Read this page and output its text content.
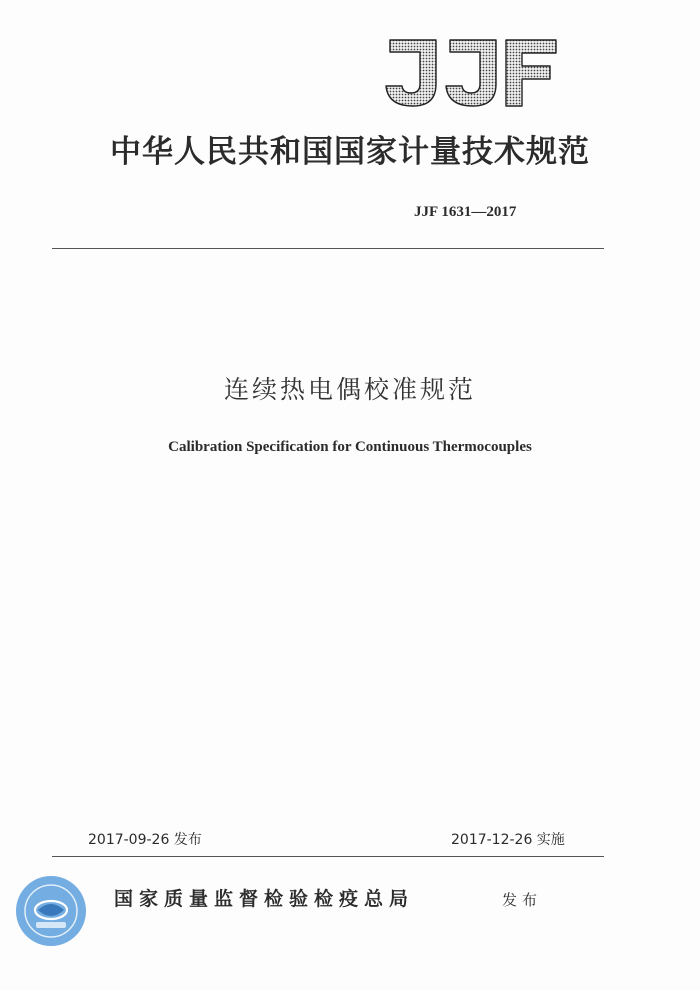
中华人民共和国国家计量技术规范
JJF 1631—2017
连续热电偶校准规范
Calibration Specification for Continuous Thermocouples
2017-09-26 发布	2017-12-26 实施
国家质量监督检验检疫总局	发布
